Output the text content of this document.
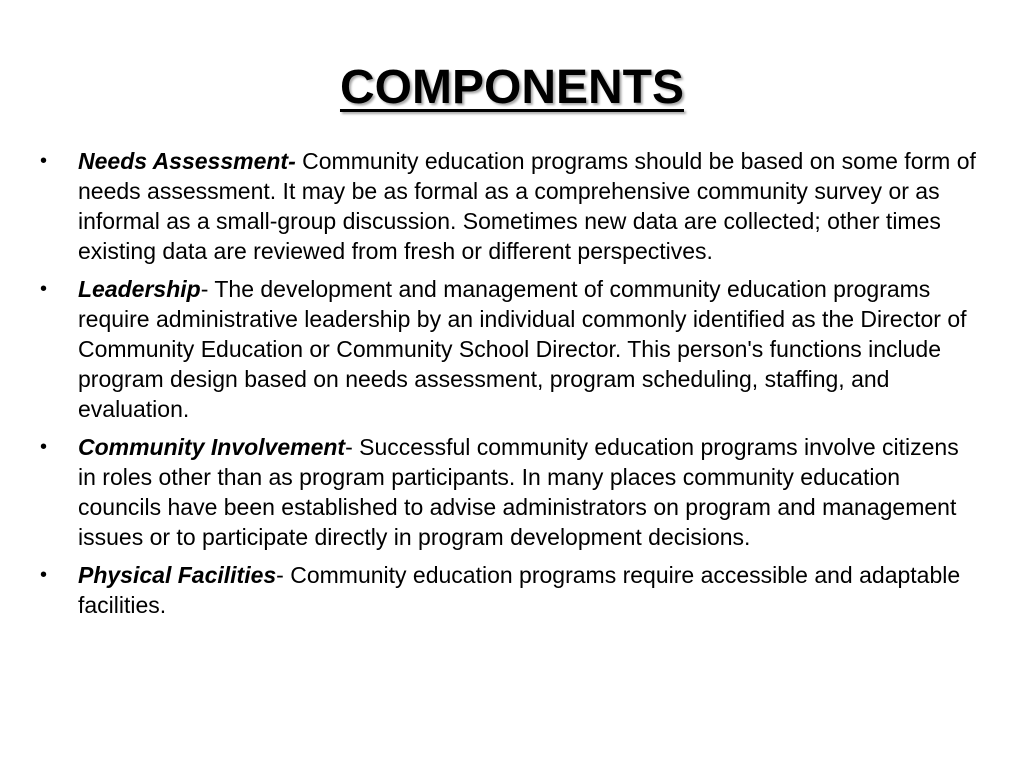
COMPONENTS
• Needs Assessment- Community education programs should be based on some form of needs assessment. It may be as formal as a comprehensive community survey or as informal as a small-group discussion. Sometimes new data are collected; other times existing data are reviewed from fresh or different perspectives.
• Leadership- The development and management of community education programs require administrative leadership by an individual commonly identified as the Director of Community Education or Community School Director. This person's functions include program design based on needs assessment, program scheduling, staffing, and evaluation.
• Community Involvement- Successful community education programs involve citizens in roles other than as program participants. In many places community education councils have been established to advise administrators on program and management issues or to participate directly in program development decisions.
• Physical Facilities- Community education programs require accessible and adaptable facilities.
